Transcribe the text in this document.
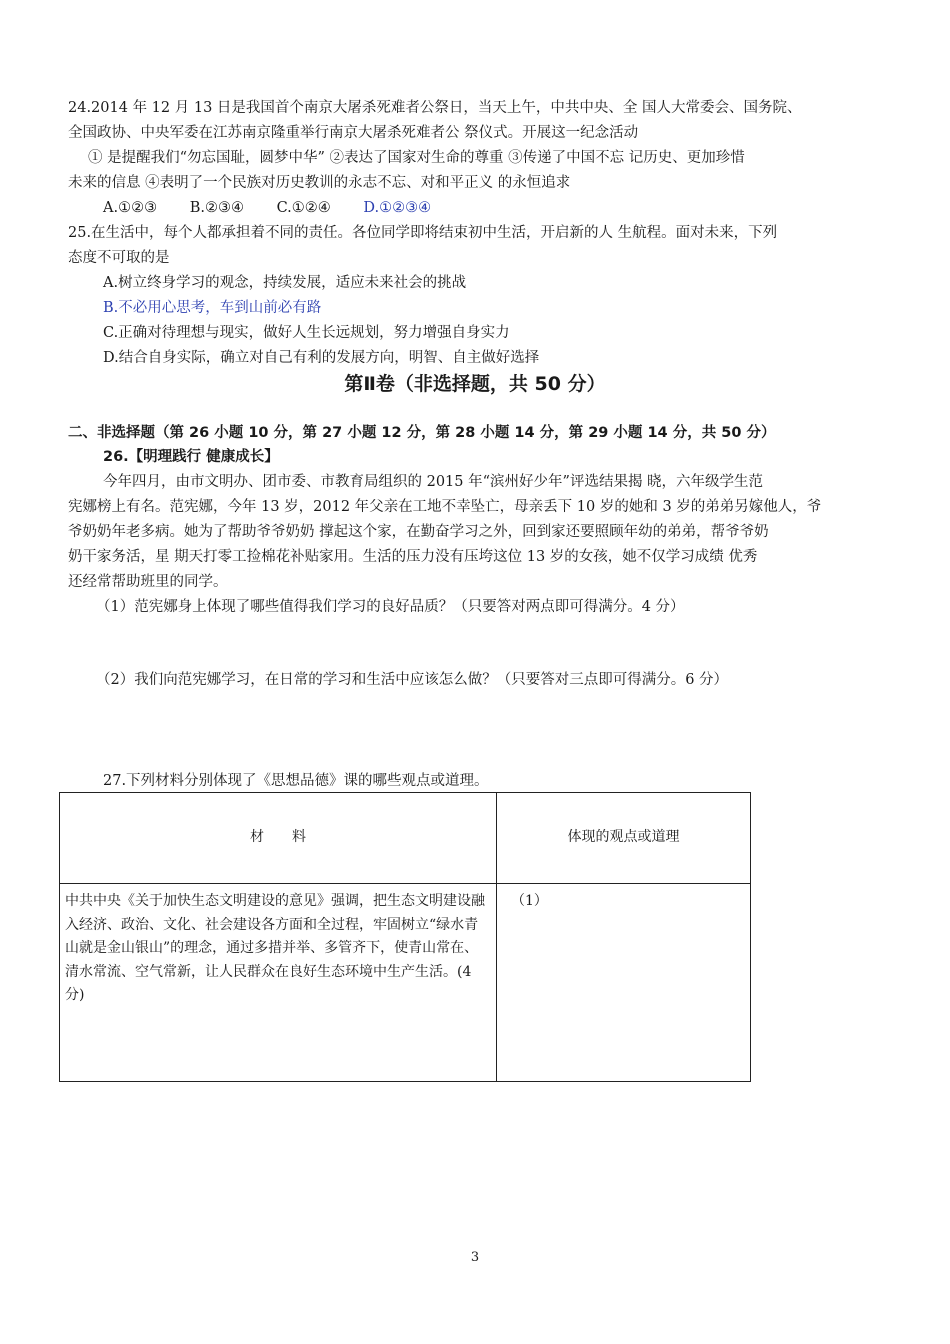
24.2014 年 12 月 13 日是我国首个南京大屠杀死难者公祭日，当天上午，中共中央、全 国人大常委会、国务院、
全国政协、中央军委在江苏南京隆重举行南京大屠杀死难者公 祭仪式。开展这一纪念活动
① 是提醒我们“勿忘国耻，圆梦中华” ②表达了国家对生命的尊重 ③传递了中国不忘 记历史、更加珍惜
未来的信息 ④表明了一个民族对历史教训的永志不忘、对和平正义 的永恒追求
A.①②③ B.②③④ C.①②④ D.①②③④
25.在生活中，每个人都承担着不同的责任。各位同学即将结束初中生活，开启新的人 生航程。面对未来，下列
态度不可取的是
A.树立终身学习的观念，持续发展，适应未来社会的挑战
B.不必用心思考，车到山前必有路
C.正确对待理想与现实，做好人生长远规划，努力增强自身实力
D.结合自身实际，确立对自己有利的发展方向，明智、自主做好选择
第Ⅱ卷（非选择题，共 50 分）
二、非选择题（第 26 小题 10 分，第 27 小题 12 分，第 28 小题 14 分，第 29 小题 14 分，共 50 分）
26.【明理践行 健康成长】
今年四月，由市文明办、团市委、市教育局组织的 2015 年“滨州好少年”评选结果揭 晓，六年级学生范
宪娜榜上有名。范宪娜，今年 13 岁，2012 年父亲在工地不幸坠亡，母亲丢下 10 岁的她和 3 岁的弟弟另嫁他人，爷
爷奶奶年老多病。她为了帮助爷爷奶奶 撑起这个家，在勤奋学习之外，回到家还要照顾年幼的弟弟，帮爷爷奶
奶干家务活，星 期天打零工捡棉花补贴家用。生活的压力没有压垮这位 13 岁的女孩，她不仅学习成绩 优秀
还经常帮助班里的同学。
（1）范宪娜身上体现了哪些值得我们学习的良好品质？（只要答对两点即可得满分。4 分）
（2）我们向范宪娜学习，在日常的学习和生活中应该怎么做？（只要答对三点即可得满分。6 分）
27.下列材料分别体现了《思想品德》课的哪些观点或道理。
材　　料	体现的观点或道理

中共中央《关于加快生态文明建设的意见》强调，把生态文明建设融入经济、政治、文化、社会建设各方面和全过程，牢固树立“绿水青山就是金山银山”的理念，通过多措并举、多管齐下，使青山常在、清水常流、空气常新，让人民群众在良好生态环境中生产生活。(4 分)	（1）
3
